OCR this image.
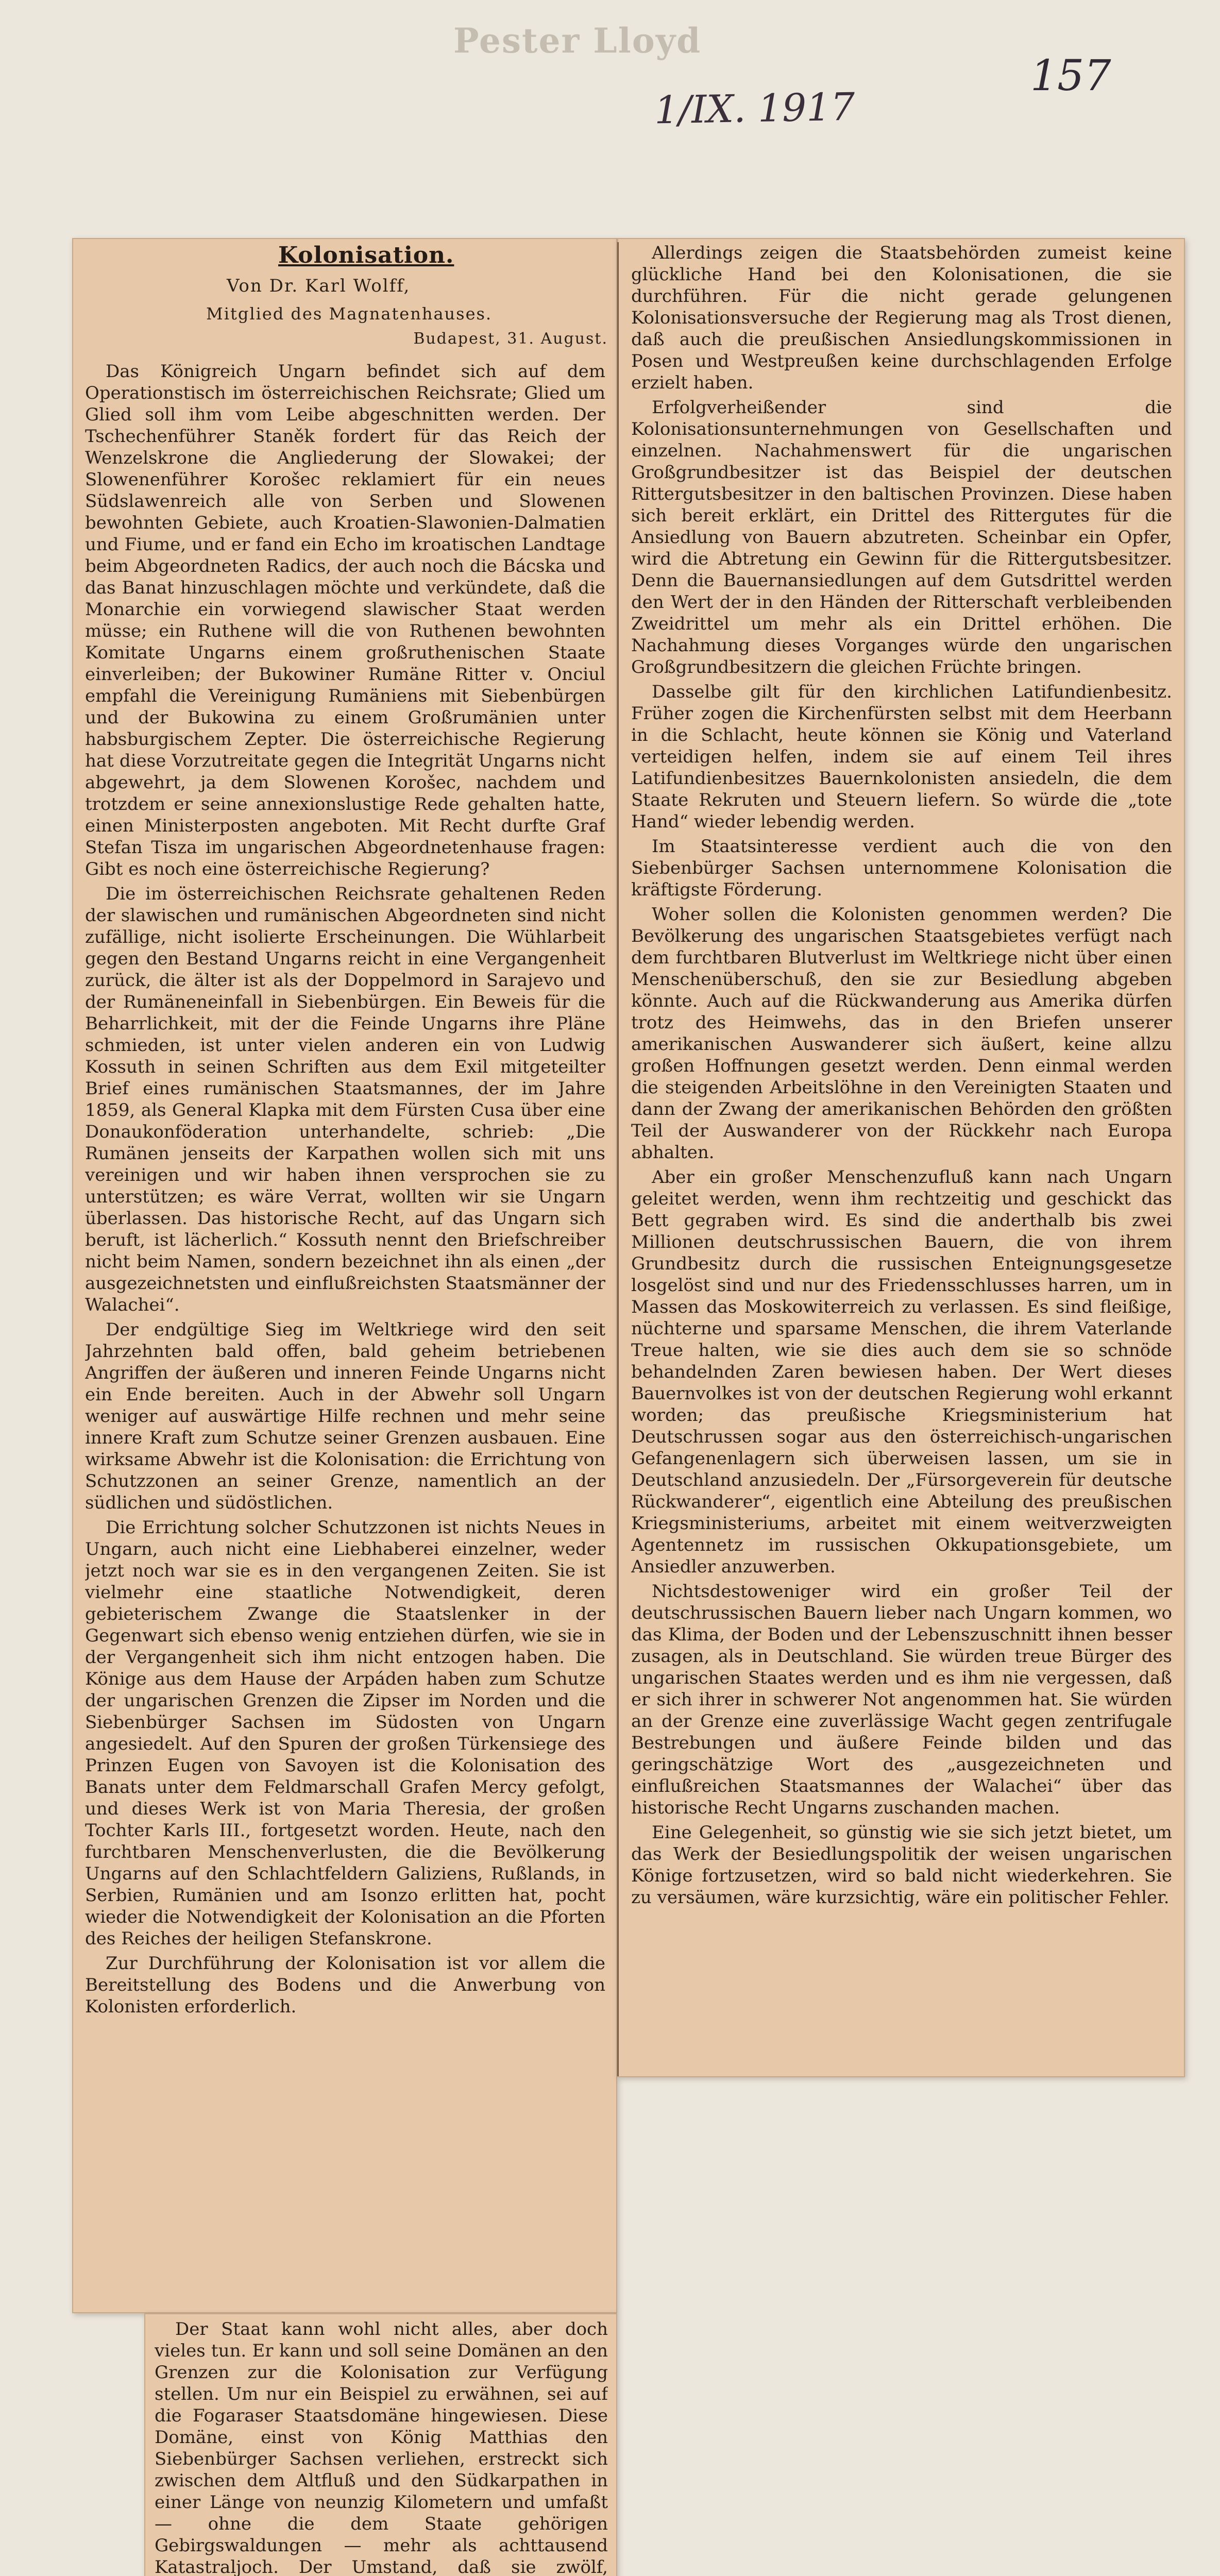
Pester Lloyd
1/IX. 1917
157
Kolonisation.
Von Dr. Karl Wolff,
Mitglied des Magnatenhauses.
Budapest, 31. August.

Das Königreich Ungarn befindet sich auf dem Operationstisch im österreichischen Reichsrate; Glied um Glied soll ihm vom Leibe abgeschnitten werden. Der Tschechenführer Staněk fordert für das Reich der Wenzelskrone die Angliederung der Slowakei; der Slowenenführer Korošec reklamiert für ein neues Südslawenreich alle von Serben und Slowenen bewohnten Gebiete, auch Kroatien-Slawonien-Dalmatien und Fiume, und er fand ein Echo im kroatischen Landtage beim Abgeordneten Radics, der auch noch die Bácska und das Banat hinzuschlagen möchte und verkündete, daß die Monarchie ein vorwiegend slawischer Staat werden müsse; ein Ruthene will die von Ruthenen bewohnten Komitate Ungarns einem großruthenischen Staate einverleiben; der Bukowiner Rumäne Ritter v. Onciul empfahl die Vereinigung Rumäniens mit Siebenbürgen und der Bukowina zu einem Großrumänien unter habsburgischem Zepter. Die österreichische Regierung hat diese Vorzutreitate gegen die Integrität Ungarns nicht abgewehrt, ja dem Slowenen Korošec, nachdem und trotzdem er seine annexionslustige Rede gehalten hatte, einen Ministerposten angeboten. Mit Recht durfte Graf Stefan Tisza im ungarischen Abgeordnetenhause fragen: Gibt es noch eine österreichische Regierung?

Die im österreichischen Reichsrate gehaltenen Reden der slawischen und rumänischen Abgeordneten sind nicht zufällige, nicht isolierte Erscheinungen. Die Wühlarbeit gegen den Bestand Ungarns reicht in eine Vergangenheit zurück, die älter ist als der Doppelmord in Sarajevo und der Rumäneneinfall in Siebenbürgen. Ein Beweis für die Beharrlichkeit, mit der die Feinde Ungarns ihre Pläne schmieden, ist unter vielen anderen ein von Ludwig Kossuth in seinen Schriften aus dem Exil mitgeteilter Brief eines rumänischen Staatsmannes, der im Jahre 1859, als General Klapka mit dem Fürsten Cusa über eine Donaukonföderation unterhandelte, schrieb: „Die Rumänen jenseits der Karpathen wollen sich mit uns vereinigen und wir haben ihnen versprochen sie zu unterstützen; es wäre Verrat, wollten wir sie Ungarn überlassen. Das historische Recht, auf das Ungarn sich beruft, ist lächerlich.“ Kossuth nennt den Briefschreiber nicht beim Namen, sondern bezeichnet ihn als einen „der ausgezeichnetsten und einflußreichsten Staatsmänner der Walachei“.

Der endgültige Sieg im Weltkriege wird den seit Jahrzehnten bald offen, bald geheim betriebenen Angriffen der äußeren und inneren Feinde Ungarns nicht ein Ende bereiten. Auch in der Abwehr soll Ungarn weniger auf auswärtige Hilfe rechnen und mehr seine innere Kraft zum Schutze seiner Grenzen ausbauen. Eine wirksame Abwehr ist die Kolonisation: die Errichtung von Schutzzonen an seiner Grenze, namentlich an der südlichen und südöstlichen.

Die Errichtung solcher Schutzzonen ist nichts Neues in Ungarn, auch nicht eine Liebhaberei einzelner, weder jetzt noch war sie es in den vergangenen Zeiten. Sie ist vielmehr eine staatliche Notwendigkeit, deren gebieterischem Zwange die Staatslenker in der Gegenwart sich ebenso wenig entziehen dürfen, wie sie in der Vergangenheit sich ihm nicht entzogen haben. Die Könige aus dem Hause der Arpáden haben zum Schutze der ungarischen Grenzen die Zipser im Norden und die Siebenbürger Sachsen im Südosten von Ungarn angesiedelt. Auf den Spuren der großen Türkensiege des Prinzen Eugen von Savoyen ist die Kolonisation des Banats unter dem Feldmarschall Grafen Mercy gefolgt, und dieses Werk ist von Maria Theresia, der großen Tochter Karls III., fortgesetzt worden. Heute, nach den furchtbaren Menschenverlusten, die die Bevölkerung Ungarns auf den Schlachtfeldern Galiziens, Rußlands, in Serbien, Rumänien und am Isonzo erlitten hat, pocht wieder die Notwendigkeit der Kolonisation an die Pforten des Reiches der heiligen Stefanskrone.

Zur Durchführung der Kolonisation ist vor allem die Bereitstellung des Bodens und die Anwerbung von Kolonisten erforderlich.

Der Staat kann wohl nicht alles, aber doch vieles tun. Er kann und soll seine Domänen an den Grenzen zur die Kolonisation zur Verfügung stellen. Um nur ein Beispiel zu erwähnen, sei auf die Fogaraser Staatsdomäne hingewiesen. Diese Domäne, einst von König Matthias den Siebenbürger Sachsen verliehen, erstreckt sich zwischen dem Altfluß und den Südkarpathen in einer Länge von neunzig Kilometern und umfaßt — ohne die dem Staate gehörigen Gebirgswaldungen — mehr als achttausend Katastraljoch. Der Umstand, daß sie zwölf,

Allerdings zeigen die Staatsbehörden zumeist keine glückliche Hand bei den Kolonisationen, die sie durchführen. Für die nicht gerade gelungenen Kolonisationsversuche der Regierung mag als Trost dienen, daß auch die preußischen Ansiedlungskommissionen in Posen und Westpreußen keine durchschlagenden Erfolge erzielt haben.

Erfolgverheißender sind die Kolonisationsunternehmungen von Gesellschaften und einzelnen. Nachahmenswert für die ungarischen Großgrundbesitzer ist das Beispiel der deutschen Rittergutsbesitzer in den baltischen Provinzen. Diese haben sich bereit erklärt, ein Drittel des Rittergutes für die Ansiedlung von Bauern abzutreten. Scheinbar ein Opfer, wird die Abtretung ein Gewinn für die Rittergutsbesitzer. Denn die Bauernansiedlungen auf dem Gutsdrittel werden den Wert der in den Händen der Ritterschaft verbleibenden Zweidrittel um mehr als ein Drittel erhöhen. Die Nachahmung dieses Vorganges würde den ungarischen Großgrundbesitzern die gleichen Früchte bringen.

Dasselbe gilt für den kirchlichen Latifundienbesitz. Früher zogen die Kirchenfürsten selbst mit dem Heerbann in die Schlacht, heute können sie König und Vaterland verteidigen helfen, indem sie auf einem Teil ihres Latifundienbesitzes Bauernkolonisten ansiedeln, die dem Staate Rekruten und Steuern liefern. So würde die „tote Hand“ wieder lebendig werden.

Im Staatsinteresse verdient auch die von den Siebenbürger Sachsen unternommene Kolonisation die kräftigste Förderung.

Woher sollen die Kolonisten genommen werden? Die Bevölkerung des ungarischen Staatsgebietes verfügt nach dem furchtbaren Blutverlust im Weltkriege nicht über einen Menschenüberschuß, den sie zur Besiedlung abgeben könnte. Auch auf die Rückwanderung aus Amerika dürfen trotz des Heimwehs, das in den Briefen unserer amerikanischen Auswanderer sich äußert, keine allzu großen Hoffnungen gesetzt werden. Denn einmal werden die steigenden Arbeitslöhne in den Vereinigten Staaten und dann der Zwang der amerikanischen Behörden den größten Teil der Auswanderer von der Rückkehr nach Europa abhalten.

Aber ein großer Menschenzufluß kann nach Ungarn geleitet werden, wenn ihm rechtzeitig und geschickt das Bett gegraben wird. Es sind die anderthalb bis zwei Millionen deutschrussischen Bauern, die von ihrem Grundbesitz durch die russischen Enteignungsgesetze losgelöst sind und nur des Friedensschlusses harren, um in Massen das Moskowiterreich zu verlassen. Es sind fleißige, nüchterne und sparsame Menschen, die ihrem Vaterlande Treue halten, wie sie dies auch dem sie so schnöde behandelnden Zaren bewiesen haben. Der Wert dieses Bauernvolkes ist von der deutschen Regierung wohl erkannt worden; das preußische Kriegsministerium hat Deutschrussen sogar aus den österreichisch-ungarischen Gefangenenlagern sich überweisen lassen, um sie in Deutschland anzusiedeln. Der „Fürsorgeverein für deutsche Rückwanderer“, eigentlich eine Abteilung des preußischen Kriegsministeriums, arbeitet mit einem weitverzweigten Agentennetz im russischen Okkupationsgebiete, um Ansiedler anzuwerben.

Nichtsdestoweniger wird ein großer Teil der deutschrussischen Bauern lieber nach Ungarn kommen, wo das Klima, der Boden und der Lebenszuschnitt ihnen besser zusagen, als in Deutschland. Sie würden treue Bürger des ungarischen Staates werden und es ihm nie vergessen, daß er sich ihrer in schwerer Not angenommen hat. Sie würden an der Grenze eine zuverlässige Wacht gegen zentrifugale Bestrebungen und äußere Feinde bilden und das geringschätzige Wort des „ausgezeichneten und einflußreichen Staatsmannes der Walachei“ über das historische Recht Ungarns zuschanden machen.

Eine Gelegenheit, so günstig wie sie sich jetzt bietet, um das Werk der Besiedlungspolitik der weisen ungarischen Könige fortzusetzen, wird so bald nicht wiederkehren. Sie zu versäumen, wäre kurzsichtig, wäre ein politischer Fehler.
